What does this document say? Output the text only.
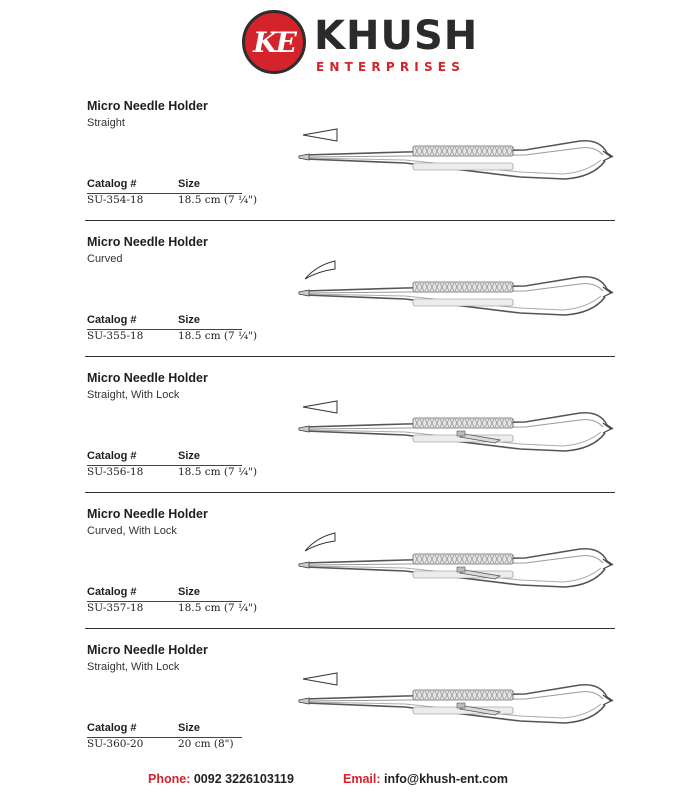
KE KHUSH
ENTERPRISES
Micro Needle Holder
Straight
Catalog #	Size
SU-354-18	18.5 cm (7 ¼")
Micro Needle Holder
Curved
Catalog #	Size
SU-355-18	18.5 cm (7 ¼")
Micro Needle Holder
Straight, With Lock
Catalog #	Size
SU-356-18	18.5 cm (7 ¼")
Micro Needle Holder
Curved, With Lock
Catalog #	Size
SU-357-18	18.5 cm (7 ¼")
Micro Needle Holder
Straight, With Lock
Catalog #	Size
SU-360-20	20 cm (8")
Phone: 0092 3226103119	Email: info@khush-ent.com
